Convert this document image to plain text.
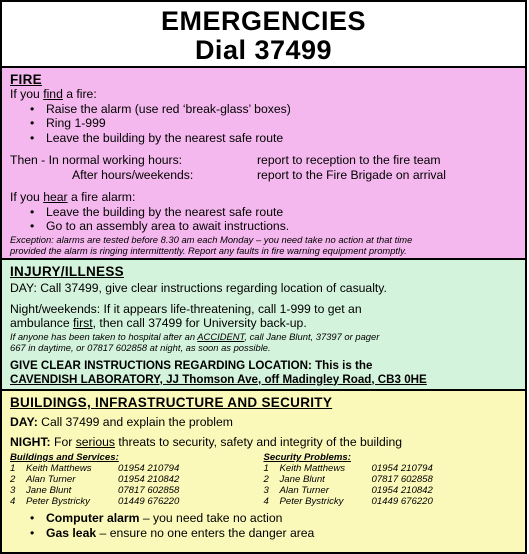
EMERGENCIES
Dial 37499
FIRE
If you find a fire:
• Raise the alarm (use red ‘break-glass’ boxes)
• Ring 1-999
• Leave the building by the nearest safe route
Then - In normal working hours:	report to reception to the fire team
After hours/weekends:	report to the Fire Brigade on arrival
If you hear a fire alarm:
• Leave the building by the nearest safe route
• Go to an assembly area to await instructions.
Exception: alarms are tested before 8.30 am each Monday – you need take no action at that time
provided the alarm is ringing intermittently. Report any faults in fire warning equipment promptly.
INJURY/ILLNESS
DAY: Call 37499, give clear instructions regarding location of casualty.
Night/weekends: If it appears life-threatening, call 1-999 to get an
ambulance first, then call 37499 for University back-up.
If anyone has been taken to hospital after an ACCIDENT, call Jane Blunt, 37397 or pager
667 in daytime, or 07817 602858 at night, as soon as possible.
GIVE CLEAR INSTRUCTIONS REGARDING LOCATION: This is the
CAVENDISH LABORATORY, JJ Thomson Ave, off Madingley Road, CB3 0HE
BUILDINGS, INFRASTRUCTURE AND SECURITY
DAY: Call 37499 and explain the problem
NIGHT: For serious threats to security, safety and integrity of the building
Buildings and Services:
1	Keith Matthews	01954 210794
2	Alan Turner	01954 210842
3	Jane Blunt	07817 602858
4	Peter Bystricky	01449 676220
Security Problems:
1	Keith Matthews	01954 210794
2	Jane Blunt	07817 602858
3	Alan Turner	01954 210842
4	Peter Bystricky	01449 676220
• Computer alarm – you need take no action
• Gas leak – ensure no one enters the danger area
